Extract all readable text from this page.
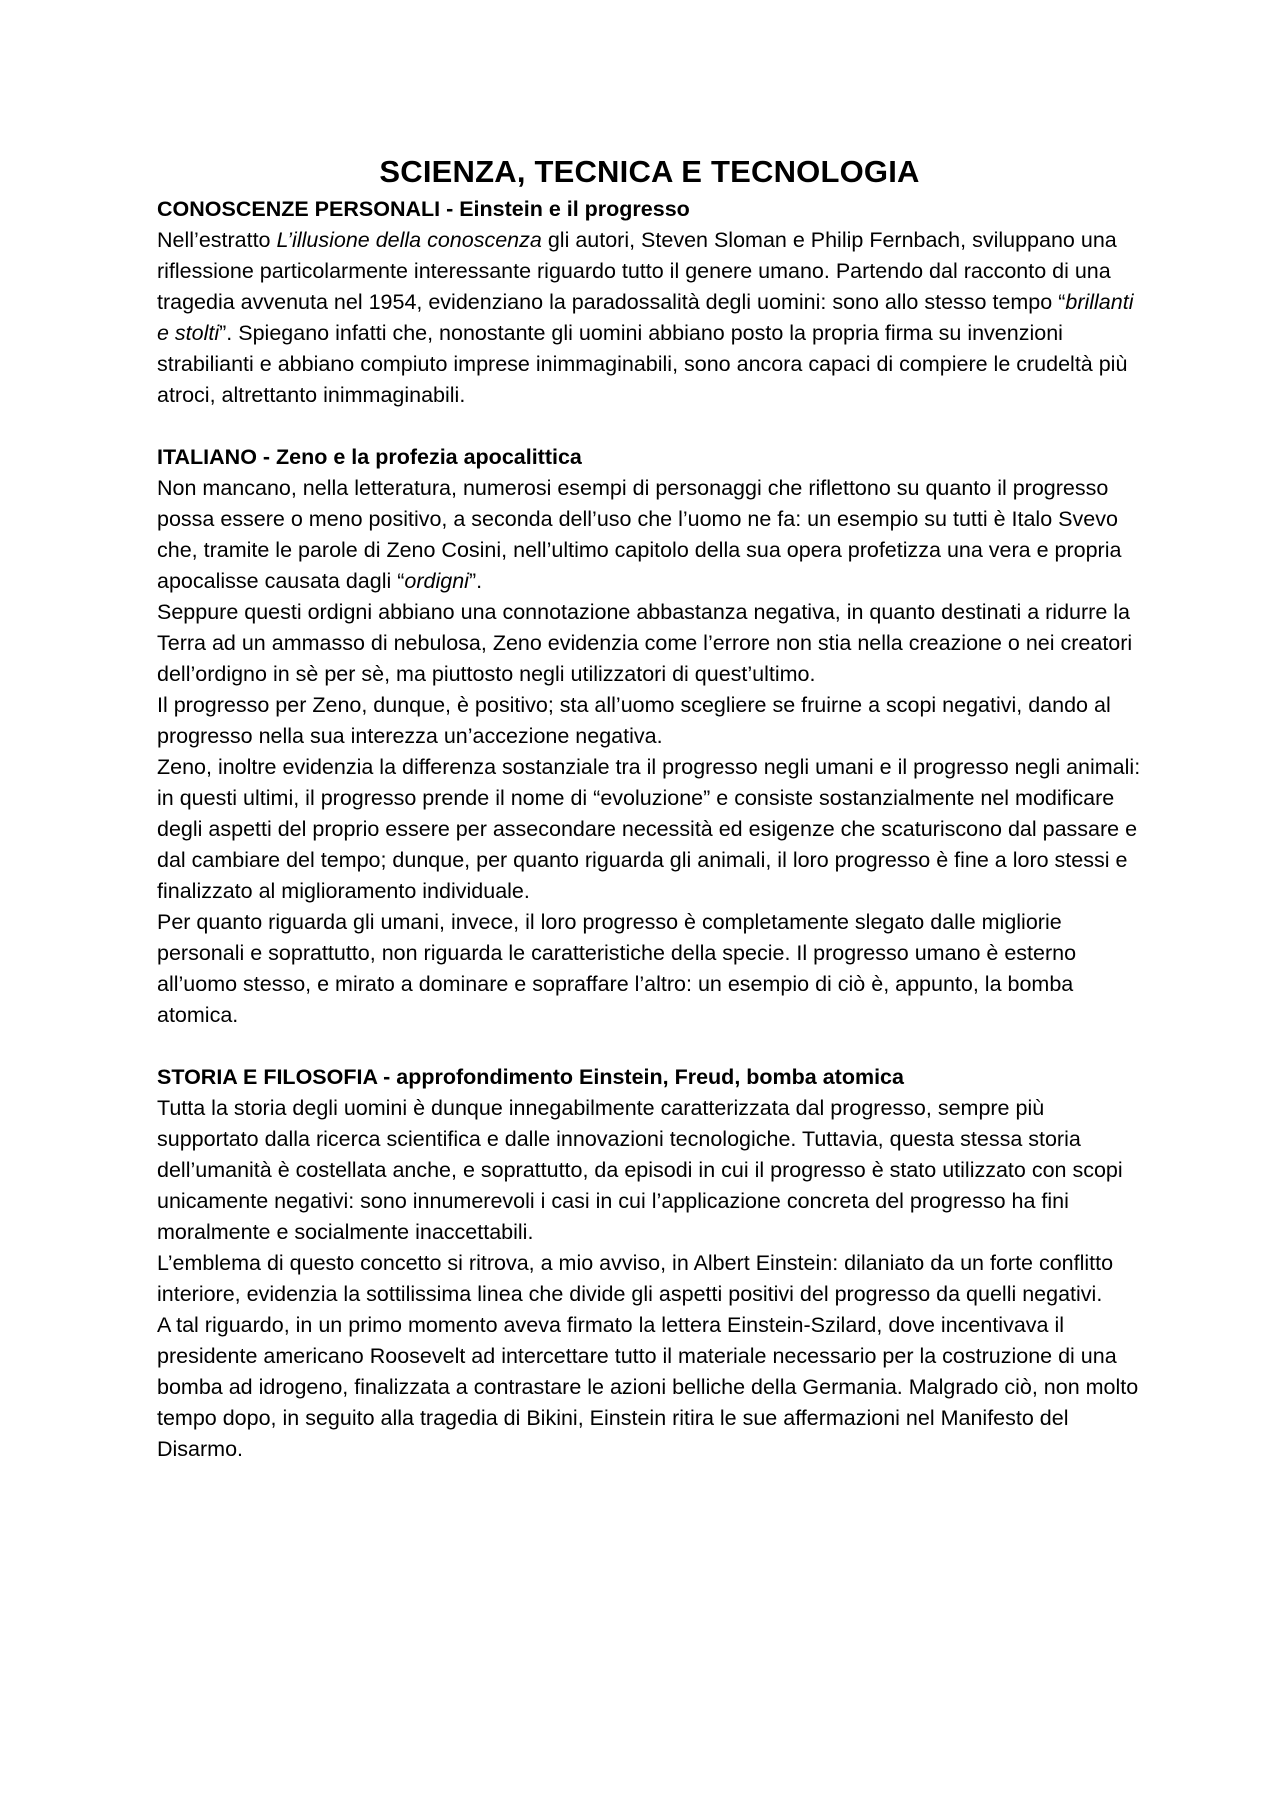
SCIENZA, TECNICA E TECNOLOGIA

CONOSCENZE PERSONALI - Einstein e il progresso

Nell’estratto L’illusione della conoscenza gli autori, Steven Sloman e Philip Fernbach, sviluppano una riflessione particolarmente interessante riguardo tutto il genere umano. Partendo dal racconto di una tragedia avvenuta nel 1954, evidenziano la paradossalità degli uomini: sono allo stesso tempo “brillanti e stolti”. Spiegano infatti che, nonostante gli uomini abbiano posto la propria firma su invenzioni strabilianti e abbiano compiuto imprese inimmaginabili, sono ancora capaci di compiere le crudeltà più atroci, altrettanto inimmaginabili.

ITALIANO - Zeno e la profezia apocalittica

Non mancano, nella letteratura, numerosi esempi di personaggi che riflettono su quanto il progresso possa essere o meno positivo, a seconda dell’uso che l’uomo ne fa: un esempio su tutti è Italo Svevo che, tramite le parole di Zeno Cosini, nell’ultimo capitolo della sua opera profetizza una vera e propria apocalisse causata dagli “ordigni”.

Seppure questi ordigni abbiano una connotazione abbastanza negativa, in quanto destinati a ridurre la Terra ad un ammasso di nebulosa, Zeno evidenzia come l’errore non stia nella creazione o nei creatori dell’ordigno in sè per sè, ma piuttosto negli utilizzatori di quest’ultimo.

Il progresso per Zeno, dunque, è positivo; sta all’uomo scegliere se fruirne a scopi negativi, dando al progresso nella sua interezza un’accezione negativa.

Zeno, inoltre evidenzia la differenza sostanziale tra il progresso negli umani e il progresso negli animali: in questi ultimi, il progresso prende il nome di “evoluzione” e consiste sostanzialmente nel modificare degli aspetti del proprio essere per assecondare necessità ed esigenze che scaturiscono dal passare e dal cambiare del tempo; dunque, per quanto riguarda gli animali, il loro progresso è fine a loro stessi e finalizzato al miglioramento individuale.

Per quanto riguarda gli umani, invece, il loro progresso è completamente slegato dalle migliorie personali e soprattutto, non riguarda le caratteristiche della specie. Il progresso umano è esterno all’uomo stesso, e mirato a dominare e sopraffare l’altro: un esempio di ciò è, appunto, la bomba atomica.

STORIA E FILOSOFIA - approfondimento Einstein, Freud, bomba atomica

Tutta la storia degli uomini è dunque innegabilmente caratterizzata dal progresso, sempre più supportato dalla ricerca scientifica e dalle innovazioni tecnologiche. Tuttavia, questa stessa storia dell’umanità è costellata anche, e soprattutto, da episodi in cui il progresso è stato utilizzato con scopi unicamente negativi: sono innumerevoli i casi in cui l’applicazione concreta del progresso ha fini moralmente e socialmente inaccettabili.

L’emblema di questo concetto si ritrova, a mio avviso, in Albert Einstein: dilaniato da un forte conflitto interiore, evidenzia la sottilissima linea che divide gli aspetti positivi del progresso da quelli negativi.

A tal riguardo, in un primo momento aveva firmato la lettera Einstein-Szilard, dove incentivava il presidente americano Roosevelt ad intercettare tutto il materiale necessario per la costruzione di una bomba ad idrogeno, finalizzata a contrastare le azioni belliche della Germania. Malgrado ciò, non molto tempo dopo, in seguito alla tragedia di Bikini, Einstein ritira le sue affermazioni nel Manifesto del Disarmo.
